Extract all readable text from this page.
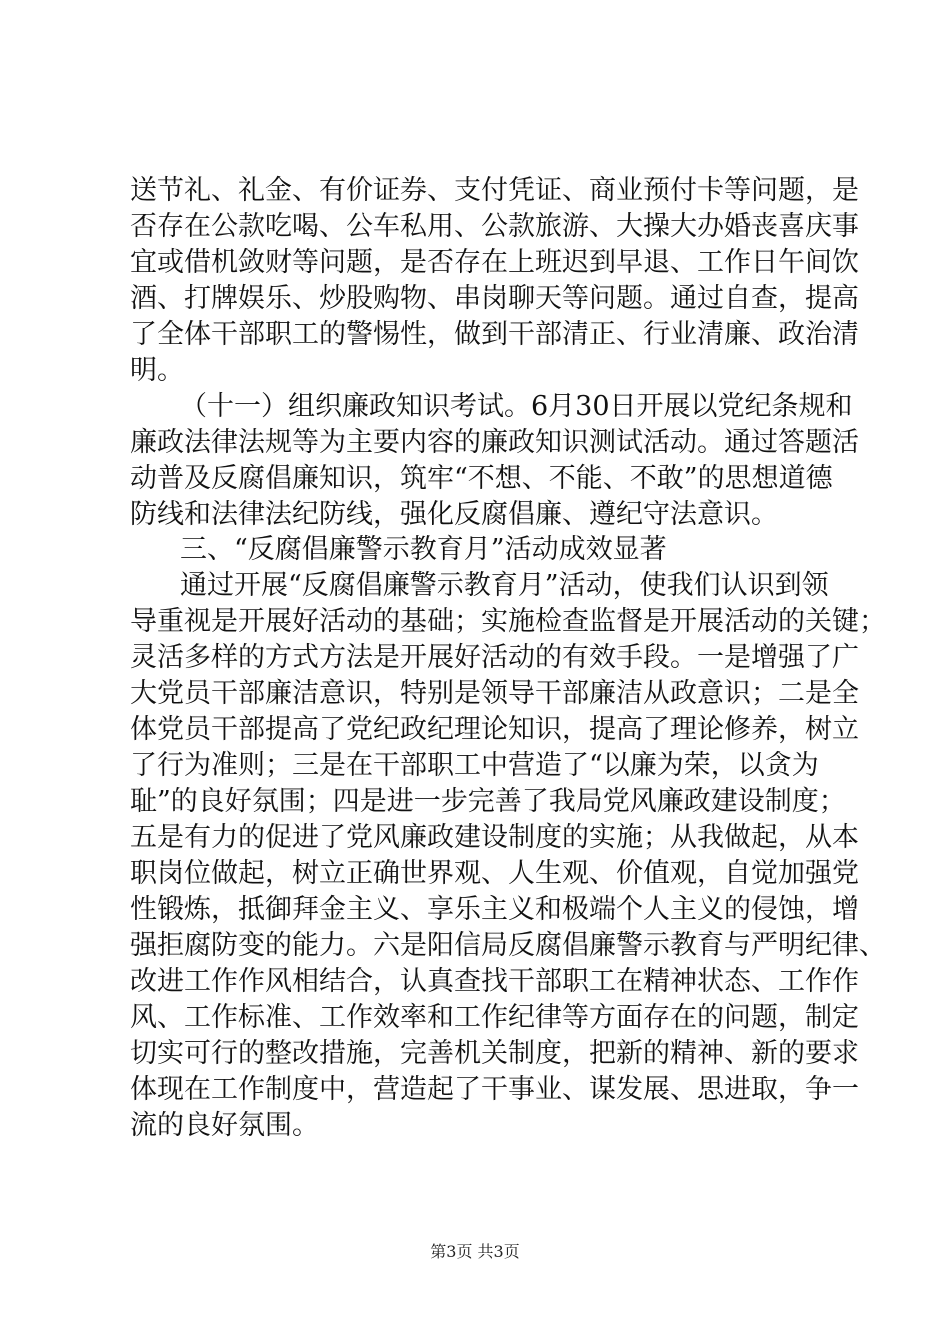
送节礼、礼金、有价证券、支付凭证、商业预付卡等问题，是

否存在公款吃喝、公车私用、公款旅游、大操大办婚丧喜庆事

宜或借机敛财等问题，是否存在上班迟到早退、工作日午间饮

酒、打牌娱乐、炒股购物、串岗聊天等问题。通过自查，提高

了全体干部职工的警惕性，做到干部清正、行业清廉、政治清

明。

（十一）组织廉政知识考试。6月30日开展以党纪条规和

廉政法律法规等为主要内容的廉政知识测试活动。通过答题活

动普及反腐倡廉知识，筑牢“不想、不能、不敢”的思想道德

防线和法律法纪防线，强化反腐倡廉、遵纪守法意识。

三、“反腐倡廉警示教育月”活动成效显著

通过开展“反腐倡廉警示教育月”活动，使我们认识到领

导重视是开展好活动的基础；实施检查监督是开展活动的关键；

灵活多样的方式方法是开展好活动的有效手段。一是增强了广

大党员干部廉洁意识，特别是领导干部廉洁从政意识；二是全

体党员干部提高了党纪政纪理论知识，提高了理论修养，树立

了行为准则；三是在干部职工中营造了“以廉为荣，以贪为

耻”的良好氛围；四是进一步完善了我局党风廉政建设制度；

五是有力的促进了党风廉政建设制度的实施；从我做起，从本

职岗位做起，树立正确世界观、人生观、价值观，自觉加强党

性锻炼，抵御拜金主义、享乐主义和极端个人主义的侵蚀，增

强拒腐防变的能力。六是阳信局反腐倡廉警示教育与严明纪律、

改进工作作风相结合，认真查找干部职工在精神状态、工作作

风、工作标准、工作效率和工作纪律等方面存在的问题，制定

切实可行的整改措施，完善机关制度，把新的精神、新的要求

体现在工作制度中，营造起了干事业、谋发展、思进取，争一

流的良好氛围。

第3页 共3页
